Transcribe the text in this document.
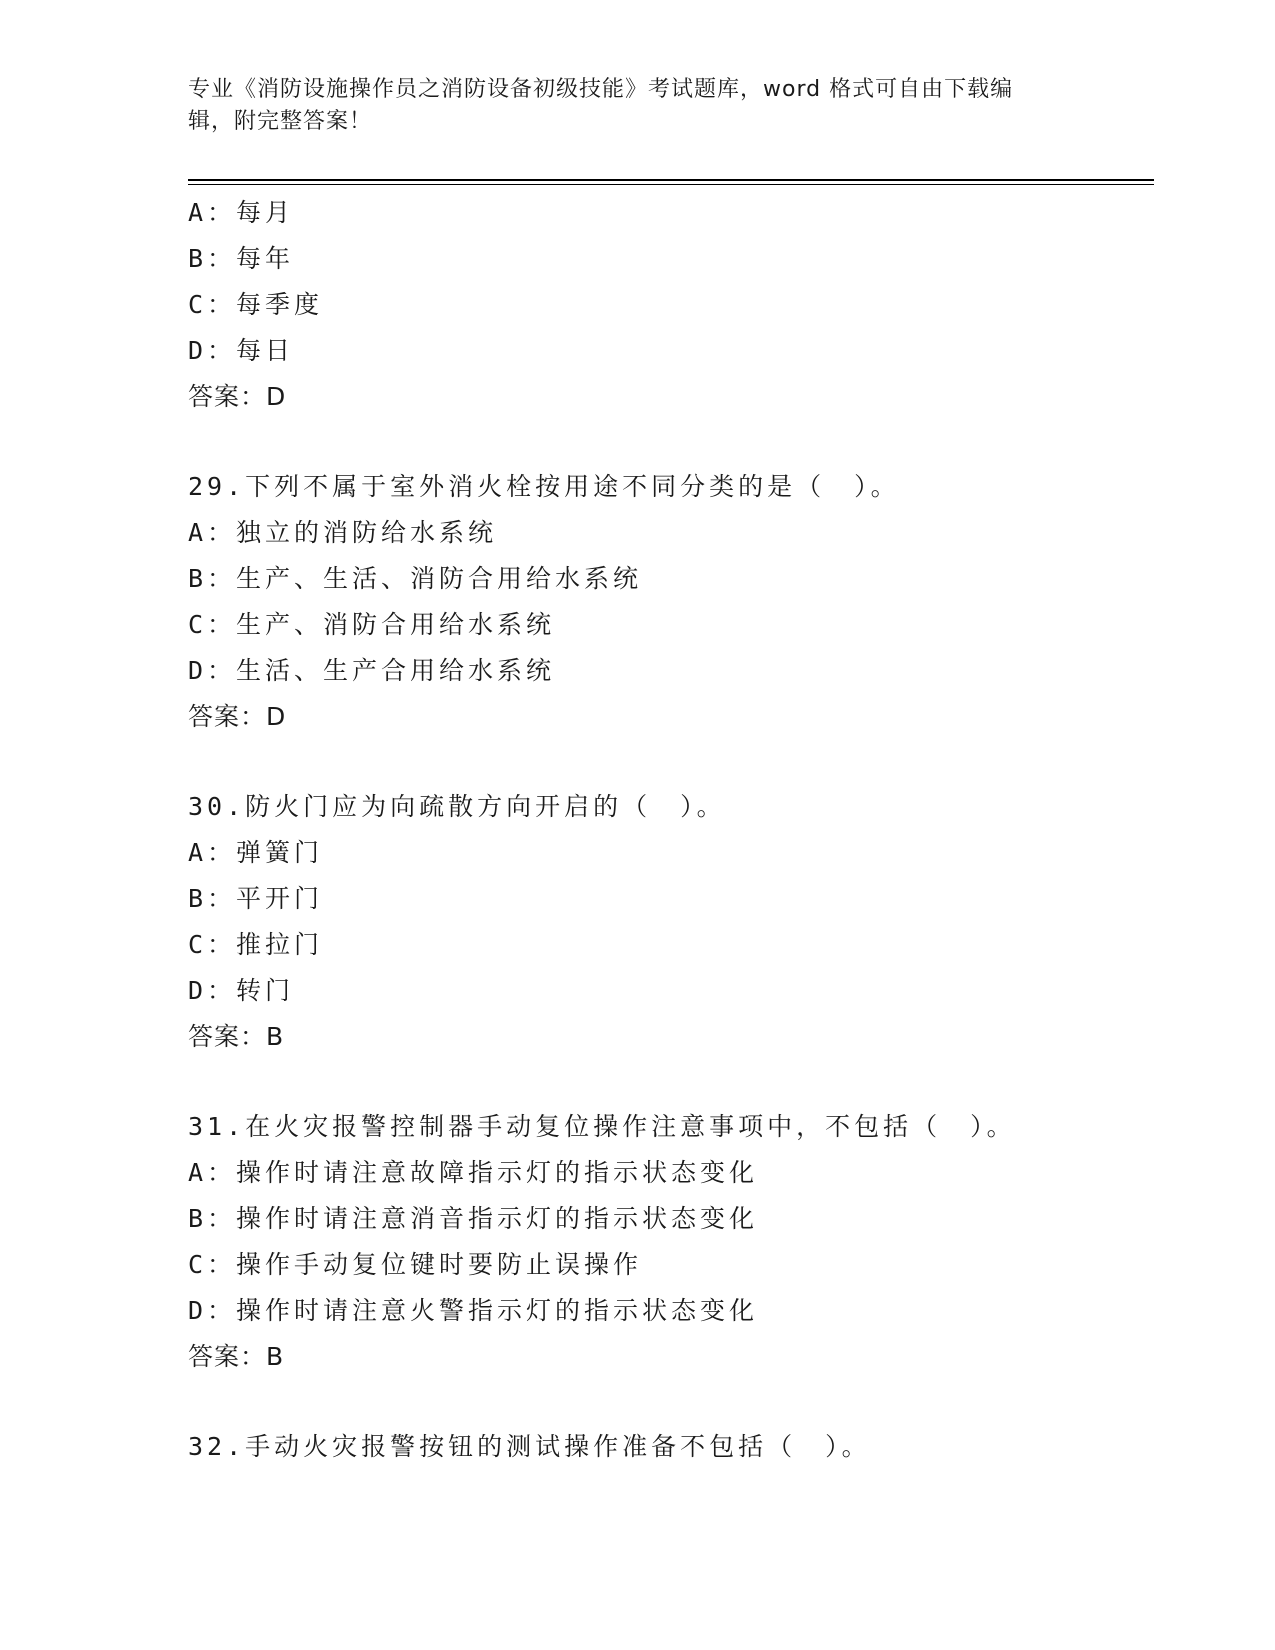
专业《消防设施操作员之消防设备初级技能》考试题库，word 格式可自由下载编
辑，附完整答案！
A：每月
B：每年
C：每季度
D：每日
答案：D
29.下列不属于室外消火栓按用途不同分类的是（　）。
A：独立的消防给水系统
B：生产、生活、消防合用给水系统
C：生产、消防合用给水系统
D：生活、生产合用给水系统
答案：D
30.防火门应为向疏散方向开启的（　）。
A：弹簧门
B：平开门
C：推拉门
D：转门
答案：B
31.在火灾报警控制器手动复位操作注意事项中，不包括（　）。
A：操作时请注意故障指示灯的指示状态变化
B：操作时请注意消音指示灯的指示状态变化
C：操作手动复位键时要防止误操作
D：操作时请注意火警指示灯的指示状态变化
答案：B
32.手动火灾报警按钮的测试操作准备不包括（　）。
